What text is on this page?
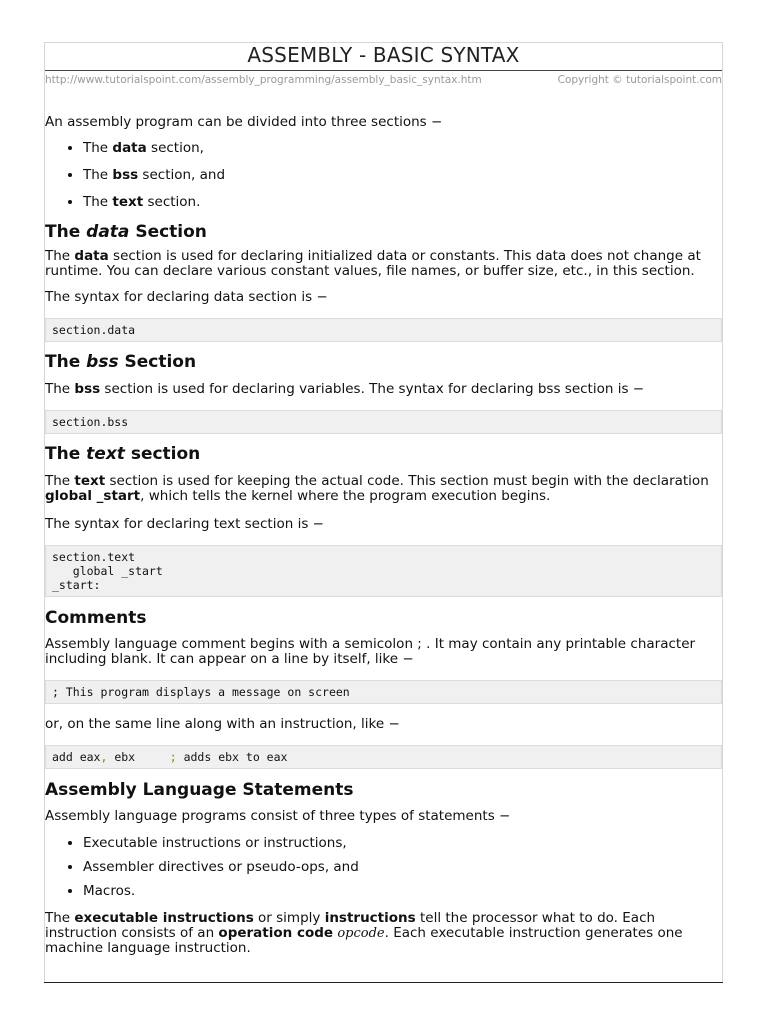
ASSEMBLY - BASIC SYNTAX
http://www.tutorialspoint.com/assembly_programming/assembly_basic_syntax.htm	Copyright © tutorialspoint.com

An assembly program can be divided into three sections −

• The data section,
• The bss section, and
• The text section.
The data Section

The data section is used for declaring initialized data or constants. This data does not change at runtime. You can declare various constant values, file names, or buffer size, etc., in this section.

The syntax for declaring data section is −

section.data
The bss Section

The bss section is used for declaring variables. The syntax for declaring bss section is −

section.bss
The text section

The text section is used for keeping the actual code. This section must begin with the declaration global _start, which tells the kernel where the program execution begins.

The syntax for declaring text section is −

section.text
global _start
_start:
Comments

Assembly language comment begins with a semicolon ; . It may contain any printable character including blank. It can appear on a line by itself, like −

; This program displays a message on screen

or, on the same line along with an instruction, like −

add eax, ebx     ; adds ebx to eax
Assembly Language Statements

Assembly language programs consist of three types of statements −

• Executable instructions or instructions,
• Assembler directives or pseudo-ops, and
• Macros.

The executable instructions or simply instructions tell the processor what to do. Each instruction consists of an operation code opcode. Each executable instruction generates one machine language instruction.
